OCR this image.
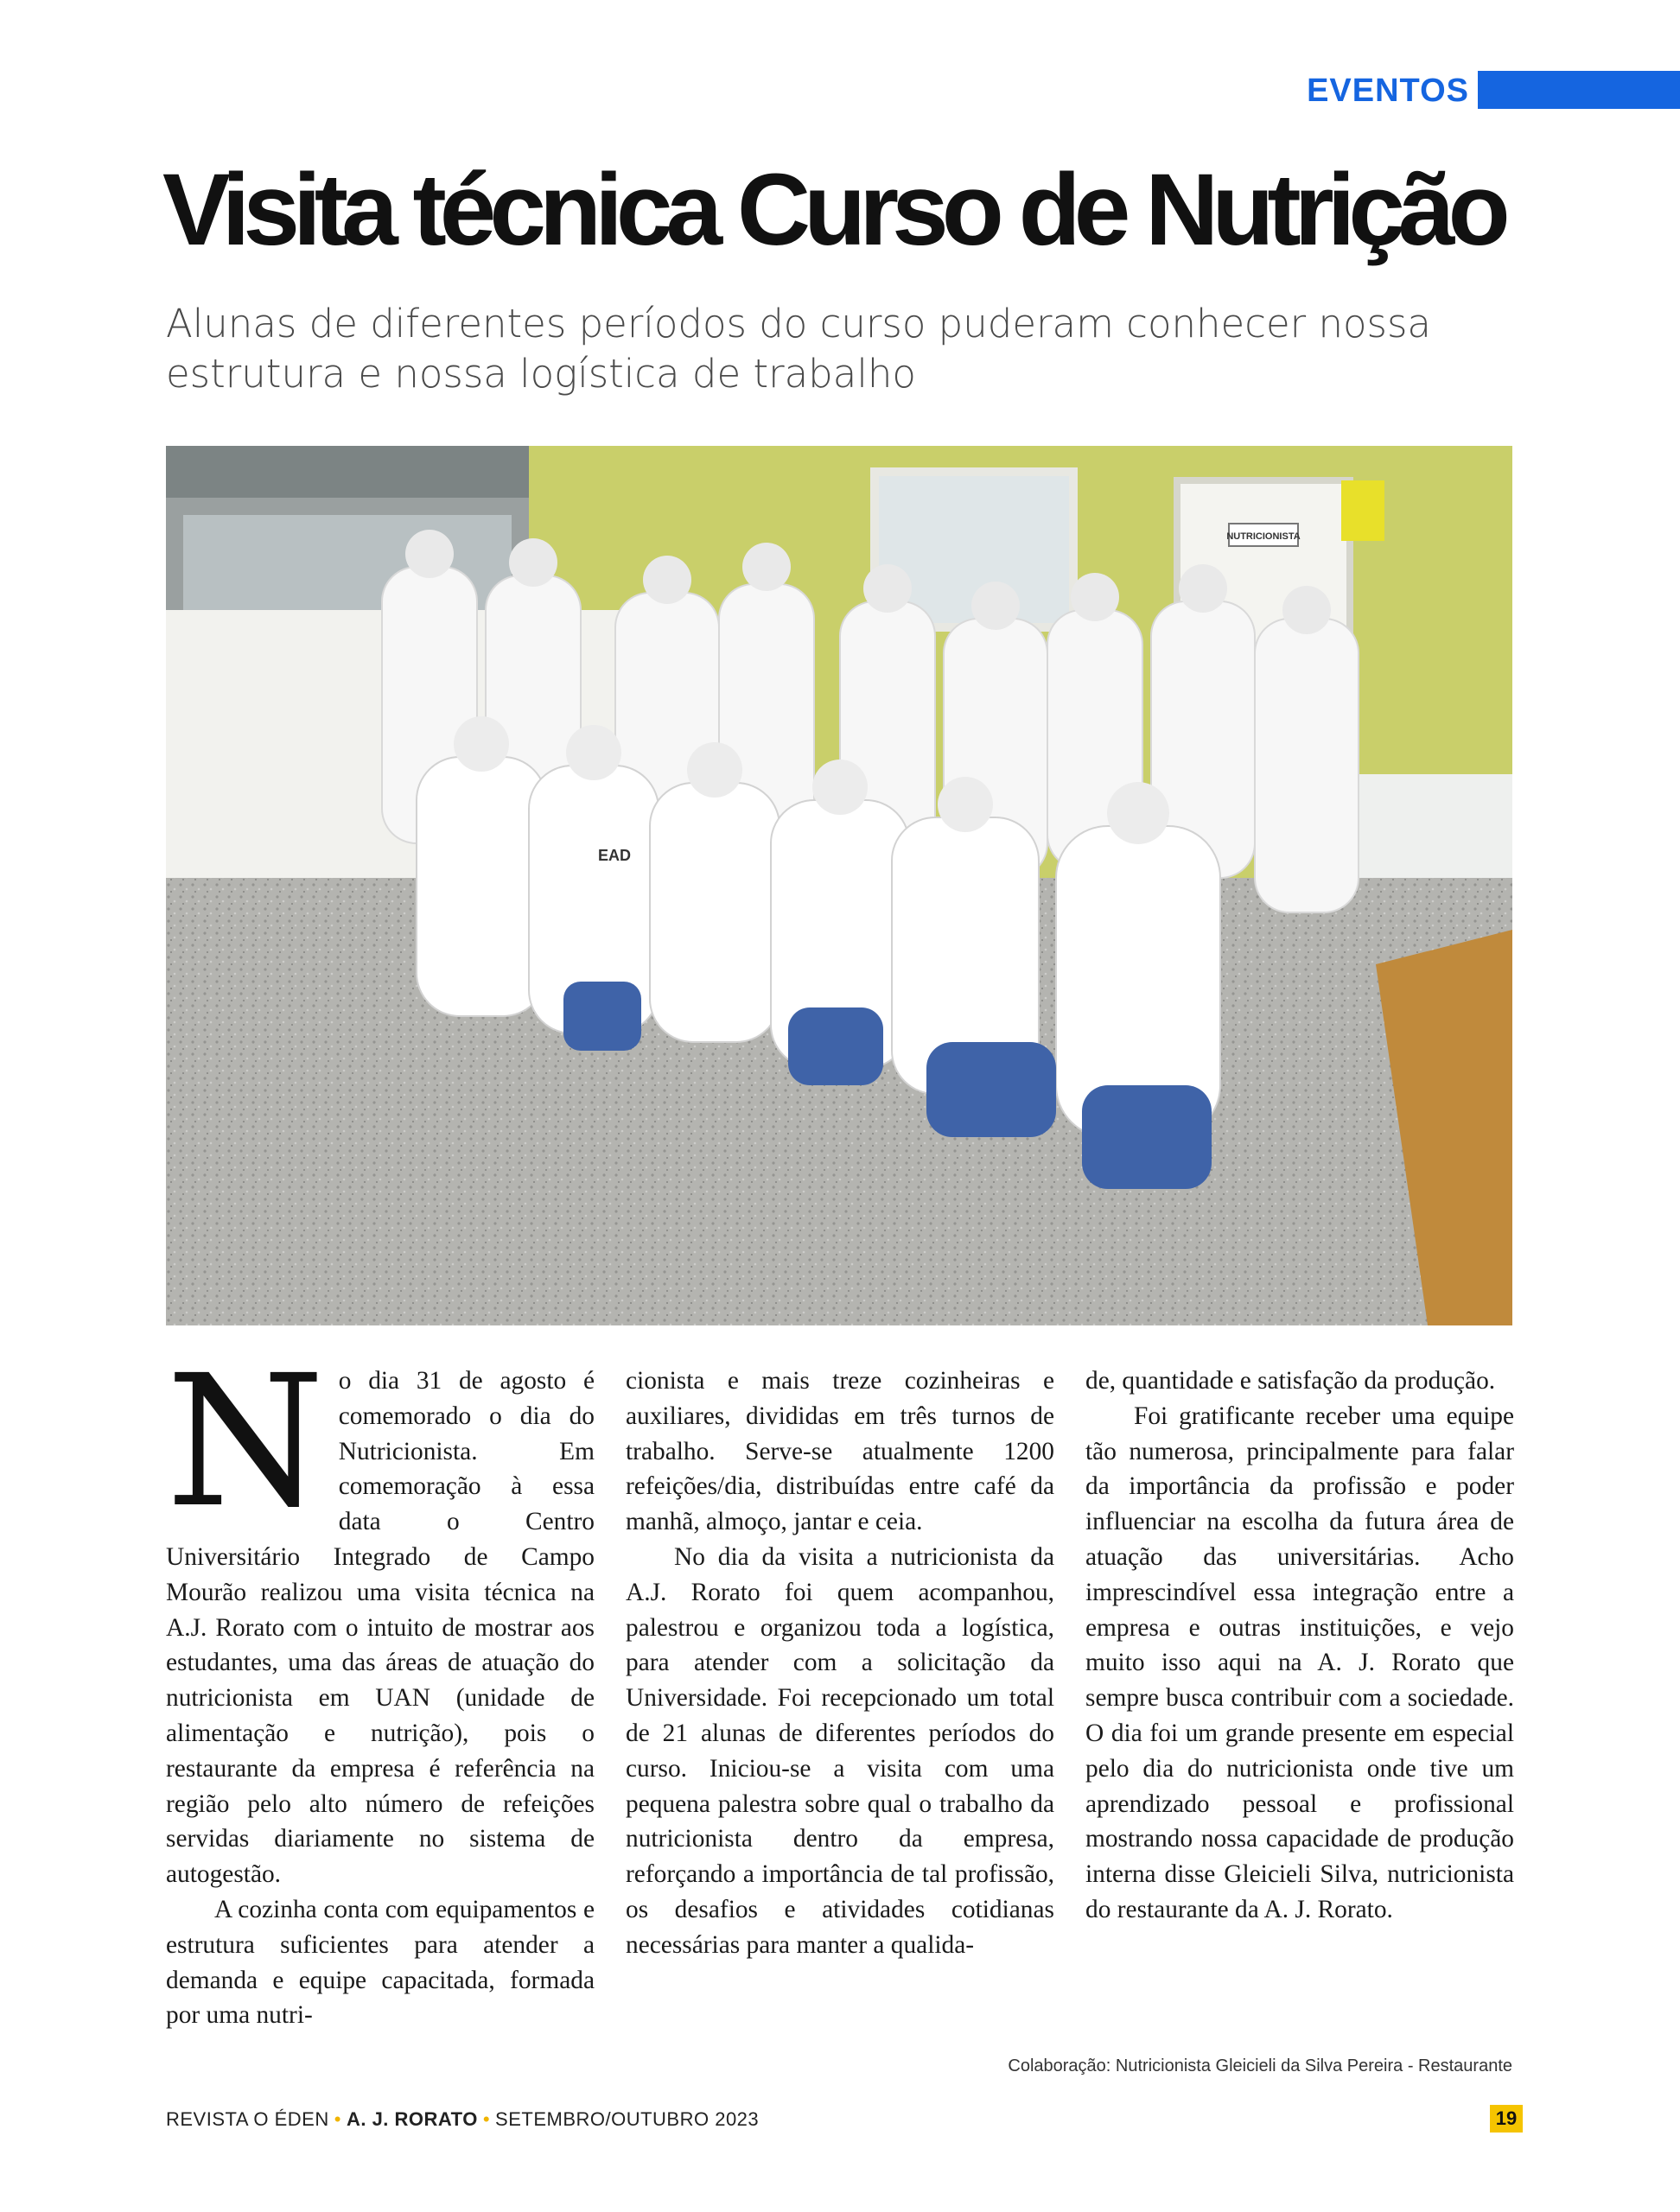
EVENTOS
Visita técnica Curso de Nutrição
Alunas de diferentes períodos do curso puderam conhecer nossa estrutura e nossa logística de trabalho
NUTRICIONISTA
EAD

No dia 31 de agosto é comemorado o dia do Nutricionista. Em comemoração à essa data o Centro Universitário Integrado de Campo Mourão realizou uma visita técnica na A.J. Rorato com o intuito de mostrar aos estudantes, uma das áreas de atuação do nutricionista em UAN (unidade de alimentação e nutrição), pois o restaurante da empresa é referência na região pelo alto número de refeições servidas diariamente no sistema de autogestão.

A cozinha conta com equipamentos e estrutura suficientes para atender a demanda e equipe capacitada, formada por uma nutri-

cionista e mais treze cozinheiras e auxiliares, divididas em três turnos de trabalho. Serve-se atualmente 1200 refeições/dia, distribuídas entre café da manhã, almoço, jantar e ceia.

No dia da visita a nutricionista da A.J. Rorato foi quem acompanhou, palestrou e organizou toda a logística, para atender com a solicitação da Universidade. Foi recepcionado um total de 21 alunas de diferentes períodos do curso. Iniciou-se a visita com uma pequena palestra sobre qual o trabalho da nutricionista dentro da empresa, reforçando a importância de tal profissão, os desafios e atividades cotidianas necessárias para manter a qualida-

de, quantidade e satisfação da produção.

Foi gratificante receber uma equipe tão numerosa, principalmente para falar da importância da profissão e poder influenciar na escolha da futura área de atuação das universitárias. Acho imprescindível essa integração entre a empresa e outras instituições, e vejo muito isso aqui na A. J. Rorato que sempre busca contribuir com a sociedade. O dia foi um grande presente em especial pelo dia do nutricionista onde tive um aprendizado pessoal e profissional mostrando nossa capacidade de produção interna disse Gleicieli Silva, nutricionista do restaurante da A. J. Rorato.

Colaboração: Nutricionista Gleicieli da Silva Pereira - Restaurante
REVISTA O ÉDEN • A. J. RORATO • SETEMBRO/OUTUBRO 2023	19
